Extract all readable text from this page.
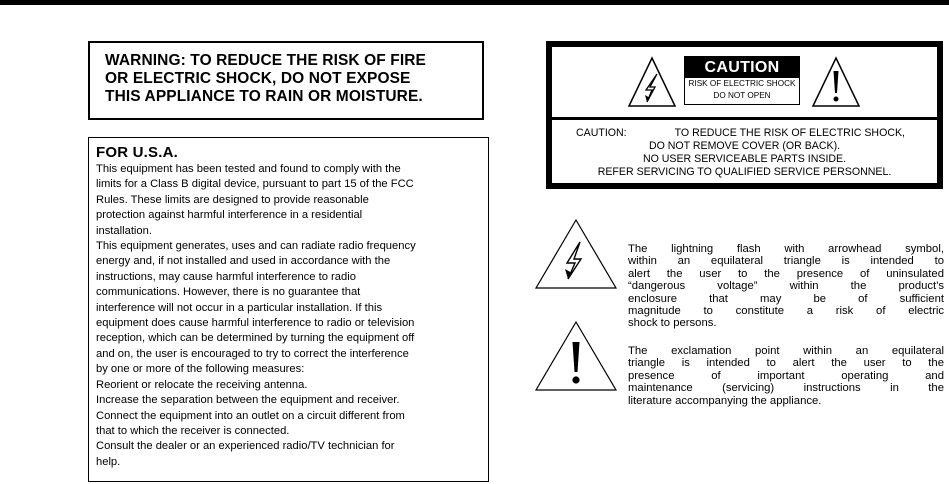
WARNING: TO REDUCE THE RISK OF FIRE
OR ELECTRIC SHOCK, DO NOT EXPOSE
THIS APPLIANCE TO RAIN OR MOISTURE.
FOR U.S.A.
This equipment has been tested and found to comply with the
limits for a Class B digital device, pursuant to part 15 of the FCC
Rules. These limits are designed to provide reasonable
protection against harmful interference in a residential
installation.
This equipment generates, uses and can radiate radio frequency
energy and, if not installed and used in accordance with the
instructions, may cause harmful interference to radio
communications. However, there is no guarantee that
interference will not occur in a particular installation. If this
equipment does cause harmful interference to radio or television
reception, which can be determined by turning the equipment off
and on, the user is encouraged to try to correct the interference
by one or more of the following measures:
Reorient or relocate the receiving antenna.
Increase the separation between the equipment and receiver.
Connect the equipment into an outlet on a circuit different from
that to which the receiver is connected.
Consult the dealer or an experienced radio/TV technician for
help.
CAUTION
RISK OF ELECTRIC SHOCK
DO NOT OPEN
CAUTION:	TO REDUCE THE RISK OF ELECTRIC SHOCK,
DO NOT REMOVE COVER (OR BACK).
NO USER SERVICEABLE PARTS INSIDE.
REFER SERVICING TO QUALIFIED SERVICE PERSONNEL.
The lightning flash with arrowhead symbol,
within an equilateral triangle is intended to
alert the user to the presence of uninsulated
“dangerous voltage” within the product's
enclosure that may be of sufficient
magnitude to constitute a risk of electric
shock to persons.
The exclamation point within an equilateral
triangle is intended to alert the user to the
presence of important operating and
maintenance (servicing) instructions in the
literature accompanying the appliance.
